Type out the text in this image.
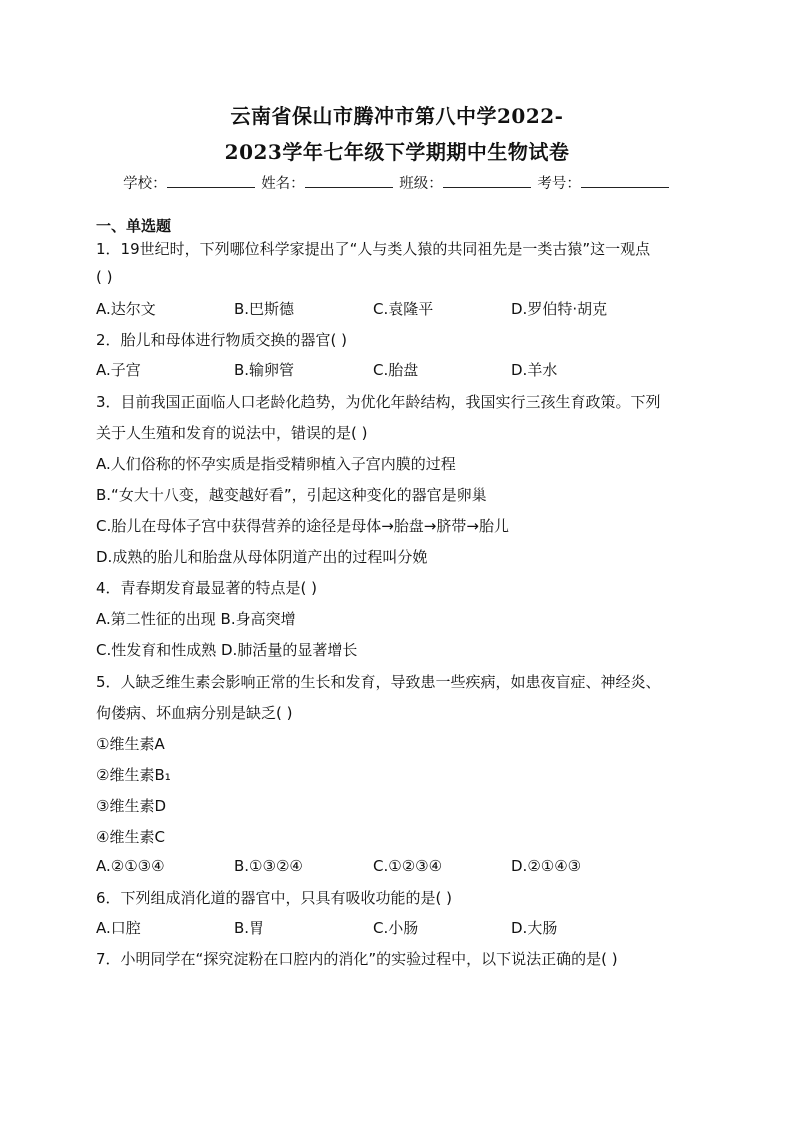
云南省保山市腾冲市第八中学2022-
2023学年七年级下学期期中生物试卷
学校：	姓名：	班级：	考号：
一、单选题
1．19世纪时，下列哪位科学家提出了“人与类人猿的共同祖先是一类古猿”这一观点
( )
A.达尔文	B.巴斯德	C.袁隆平	D.罗伯特·胡克
2．胎儿和母体进行物质交换的器官( )
A.子宫	B.输卵管	C.胎盘	D.羊水
3．目前我国正面临人口老龄化趋势，为优化年龄结构，我国实行三孩生育政策。下列
关于人生殖和发育的说法中，错误的是( )
A.人们俗称的怀孕实质是指受精卵植入子宫内膜的过程
B.“女大十八变，越变越好看”，引起这种变化的器官是卵巢
C.胎儿在母体子宫中获得营养的途径是母体→胎盘→脐带→胎儿
D.成熟的胎儿和胎盘从母体阴道产出的过程叫分娩
4．青春期发育最显著的特点是( )
A.第二性征的出现 B.身高突增
C.性发育和性成熟 D.肺活量的显著增长
5．人缺乏维生素会影响正常的生长和发育，导致患一些疾病，如患夜盲症、神经炎、
佝偻病、坏血病分别是缺乏( )
①维生素A
②维生素B₁
③维生素D
④维生素C
A.②①③④	B.①③②④	C.①②③④	D.②①④③
6．下列组成消化道的器官中，只具有吸收功能的是( )
A.口腔	B.胃	C.小肠	D.大肠
7．小明同学在“探究淀粉在口腔内的消化”的实验过程中，以下说法正确的是( )
